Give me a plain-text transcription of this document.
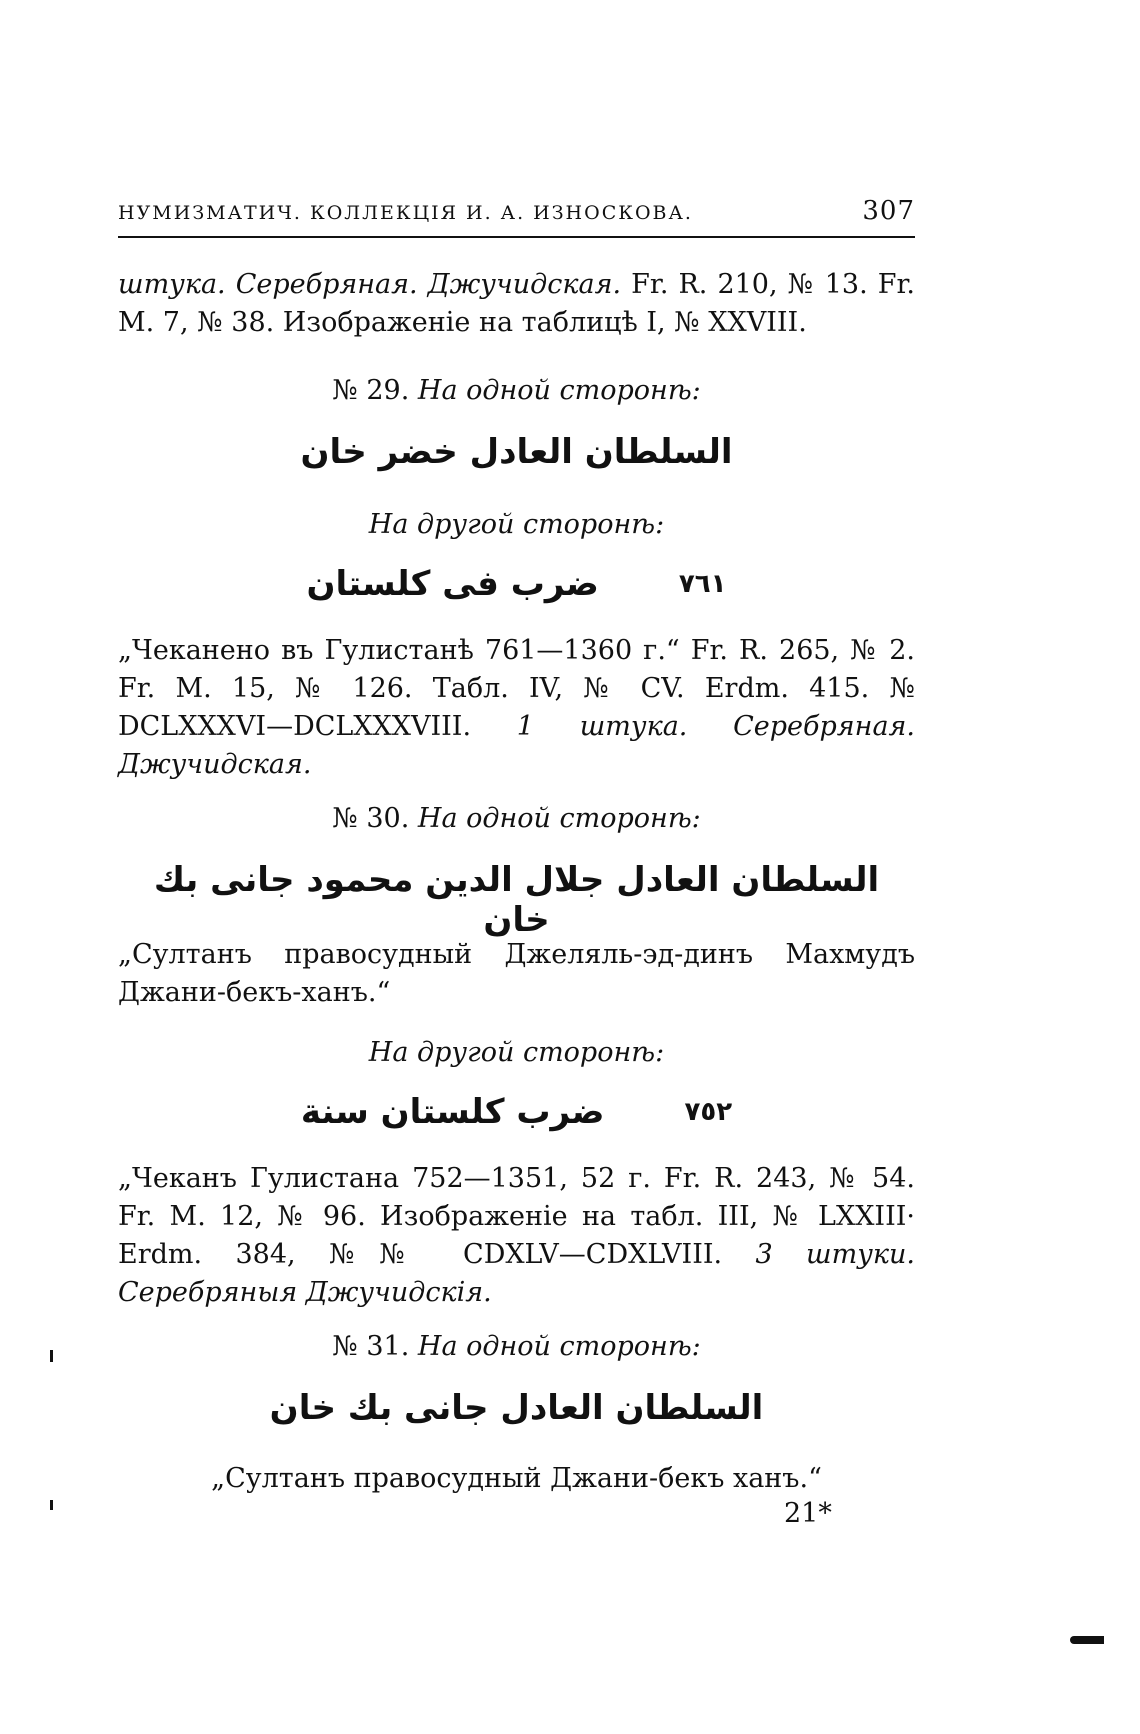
НУМИЗМАТИЧ. КОЛЛЕКЦІЯ И. А. ИЗНОСКОВА.	307
штука. Серебряная. Джучидская. Fr. R. 210, № 13. Fr. M. 7, № 38. Изображеніе на таблицѣ I, № XXVIII.
№ 29. На одной сторонѣ:
السلطان العادل خضر خان
На другой сторонѣ:
ضرب فی کلستان	٧٦١
„Чеканено въ Гулистанѣ 761—1360 г.“ Fr. R. 265, № 2. Fr. M. 15, № 126. Табл. IV, № CV. Erdm. 415. № DCLXXXVI—DCLXXXVIII. 1 штука. Серебряная. Джучидская.
№ 30. На одной сторонѣ:
السلطان العادل جلال الدين محمود جانی بك خان
„Султанъ правосудный Джеляль-эд-динъ Махмудъ Джани-бекъ-ханъ.“
На другой сторонѣ:
ضرب کلستان سنة	٧٥٢
„Чеканъ Гулистана 752—1351, 52 г. Fr. R. 243, № 54. Fr. M. 12, № 96. Изображеніе на табл. III, № LXXIII· Erdm. 384, №№ CDXLV—CDXLVIII. 3 штуки. Серебряныя Джучидскія.
№ 31. На одной сторонѣ:
السلطان العادل جانی بك خان
„Султанъ правосудный Джани-бекъ ханъ.“
21*
